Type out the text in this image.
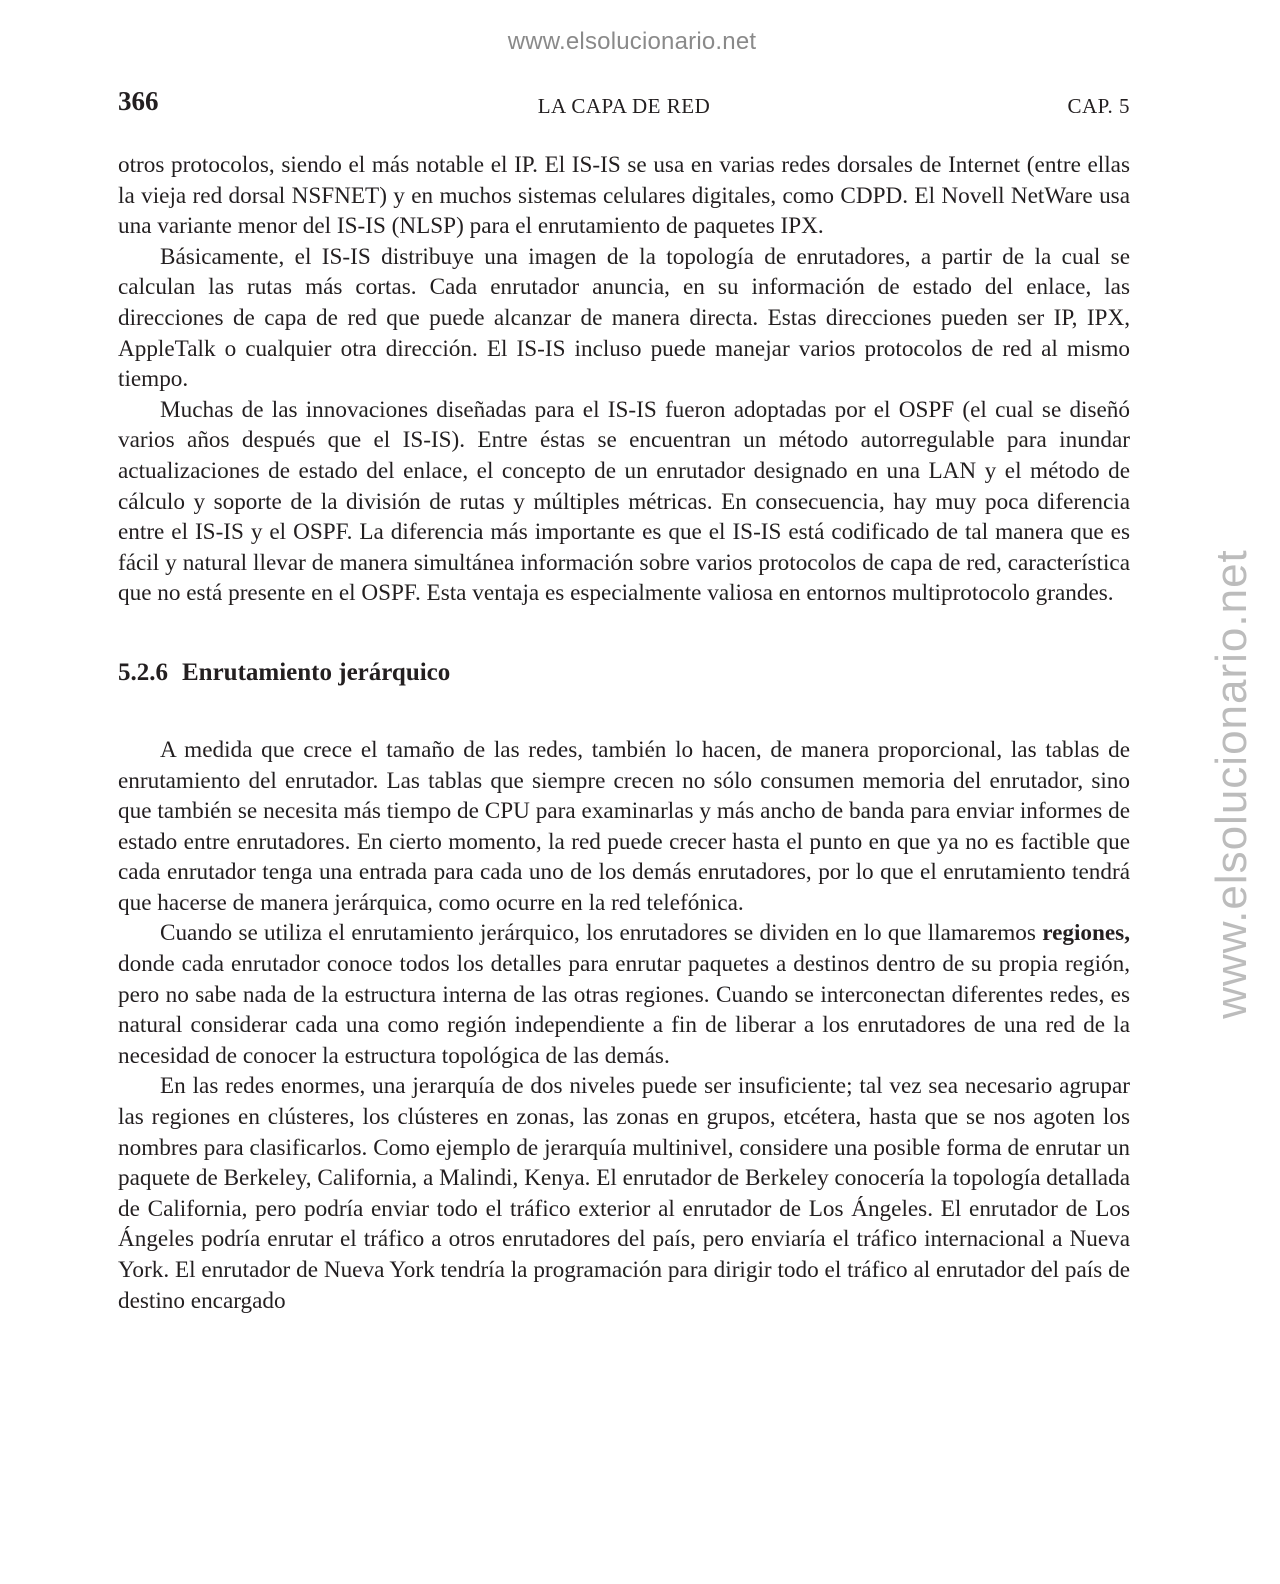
www.elsolucionario.net
www.elsolucionario.net
366	LA CAPA DE RED	CAP. 5

otros protocolos, siendo el más notable el IP. El IS-IS se usa en varias redes dorsales de Internet (entre ellas la vieja red dorsal NSFNET) y en muchos sistemas celulares digitales, como CDPD. El Novell NetWare usa una variante menor del IS-IS (NLSP) para el enrutamiento de paquetes IPX.

Básicamente, el IS-IS distribuye una imagen de la topología de enrutadores, a partir de la cual se calculan las rutas más cortas. Cada enrutador anuncia, en su información de estado del enlace, las direcciones de capa de red que puede alcanzar de manera directa. Estas direcciones pueden ser IP, IPX, AppleTalk o cualquier otra dirección. El IS-IS incluso puede manejar varios protocolos de red al mismo tiempo.

Muchas de las innovaciones diseñadas para el IS-IS fueron adoptadas por el OSPF (el cual se diseñó varios años después que el IS-IS). Entre éstas se encuentran un método autorregulable para inundar actualizaciones de estado del enlace, el concepto de un enrutador designado en una LAN y el método de cálculo y soporte de la división de rutas y múltiples métricas. En consecuencia, hay muy poca diferencia entre el IS-IS y el OSPF. La diferencia más importante es que el IS-IS está codificado de tal manera que es fácil y natural llevar de manera simultánea información sobre varios protocolos de capa de red, característica que no está presente en el OSPF. Esta ventaja es especialmente valiosa en entornos multiprotocolo grandes.

5.2.6 Enrutamiento jerárquico

A medida que crece el tamaño de las redes, también lo hacen, de manera proporcional, las tablas de enrutamiento del enrutador. Las tablas que siempre crecen no sólo consumen memoria del enrutador, sino que también se necesita más tiempo de CPU para examinarlas y más ancho de banda para enviar informes de estado entre enrutadores. En cierto momento, la red puede crecer hasta el punto en que ya no es factible que cada enrutador tenga una entrada para cada uno de los demás enrutadores, por lo que el enrutamiento tendrá que hacerse de manera jerárquica, como ocurre en la red telefónica.

Cuando se utiliza el enrutamiento jerárquico, los enrutadores se dividen en lo que llamaremos regiones, donde cada enrutador conoce todos los detalles para enrutar paquetes a destinos dentro de su propia región, pero no sabe nada de la estructura interna de las otras regiones. Cuando se interconectan diferentes redes, es natural considerar cada una como región independiente a fin de liberar a los enrutadores de una red de la necesidad de conocer la estructura topológica de las demás.

En las redes enormes, una jerarquía de dos niveles puede ser insuficiente; tal vez sea necesario agrupar las regiones en clústeres, los clústeres en zonas, las zonas en grupos, etcétera, hasta que se nos agoten los nombres para clasificarlos. Como ejemplo de jerarquía multinivel, considere una posible forma de enrutar un paquete de Berkeley, California, a Malindi, Kenya. El enrutador de Berkeley conocería la topología detallada de California, pero podría enviar todo el tráfico exterior al enrutador de Los Ángeles. El enrutador de Los Ángeles podría enrutar el tráfico a otros enrutadores del país, pero enviaría el tráfico internacional a Nueva York. El enrutador de Nueva York tendría la programación para dirigir todo el tráfico al enrutador del país de destino encargado
